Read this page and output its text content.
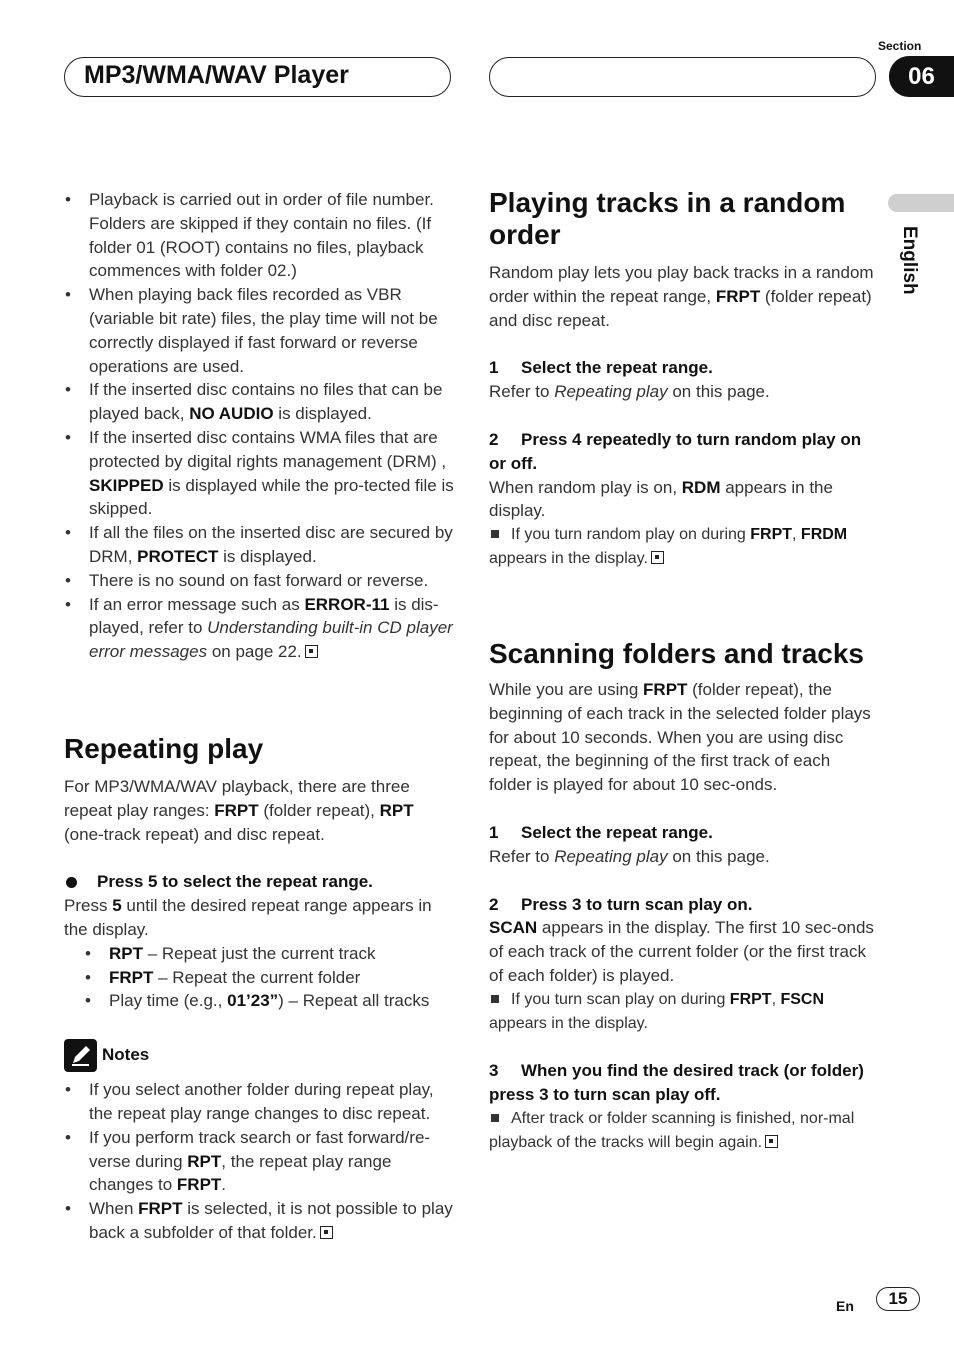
MP3/WMA/WAV Player
Section
06
English
• Playback is carried out in order of file number. Folders are skipped if they contain no files. (If folder 01 (ROOT) contains no files, playback commences with folder 02.)
• When playing back files recorded as VBR (variable bit rate) files, the play time will not be correctly displayed if fast forward or reverse operations are used.
• If the inserted disc contains no files that can be played back, NO AUDIO is displayed.
• If the inserted disc contains WMA files that are protected by digital rights management (DRM) , SKIPPED is displayed while the pro-tected file is skipped.
• If all the files on the inserted disc are secured by DRM, PROTECT is displayed.
• There is no sound on fast forward or reverse.
• If an error message such as ERROR-11 is dis-played, refer to Understanding built-in CD player error messages on page 22.
Repeating play

For MP3/WMA/WAV playback, there are three repeat play ranges: FRPT (folder repeat), RPT (one-track repeat) and disc repeat.

Press 5 to select the repeat range.

Press 5 until the desired repeat range appears in the display.

• RPT – Repeat just the current track
• FRPT – Repeat the current folder
• Play time (e.g., 01’23”) – Repeat all tracks

Notes

• If you select another folder during repeat play, the repeat play range changes to disc repeat.
• If you perform track search or fast forward/re-verse during RPT, the repeat play range changes to FRPT.
• When FRPT is selected, it is not possible to play back a subfolder of that folder.
Playing tracks in a random order

Random play lets you play back tracks in a random order within the repeat range, FRPT (folder repeat) and disc repeat.

1 Select the repeat range.

Refer to Repeating play on this page.

2 Press 4 repeatedly to turn random play on or off.

When random play is on, RDM appears in the display.

If you turn random play on during FRPT, FRDM appears in the display.

Scanning folders and tracks

While you are using FRPT (folder repeat), the beginning of each track in the selected folder plays for about 10 seconds. When you are using disc repeat, the beginning of the first track of each folder is played for about 10 sec-onds.

1 Select the repeat range.

Refer to Repeating play on this page.

2 Press 3 to turn scan play on.

SCAN appears in the display. The first 10 sec-onds of each track of the current folder (or the first track of each folder) is played.

If you turn scan play on during FRPT, FSCN appears in the display.

3 When you find the desired track (or folder) press 3 to turn scan play off.

After track or folder scanning is finished, nor-mal playback of the tracks will begin again.

En	15
